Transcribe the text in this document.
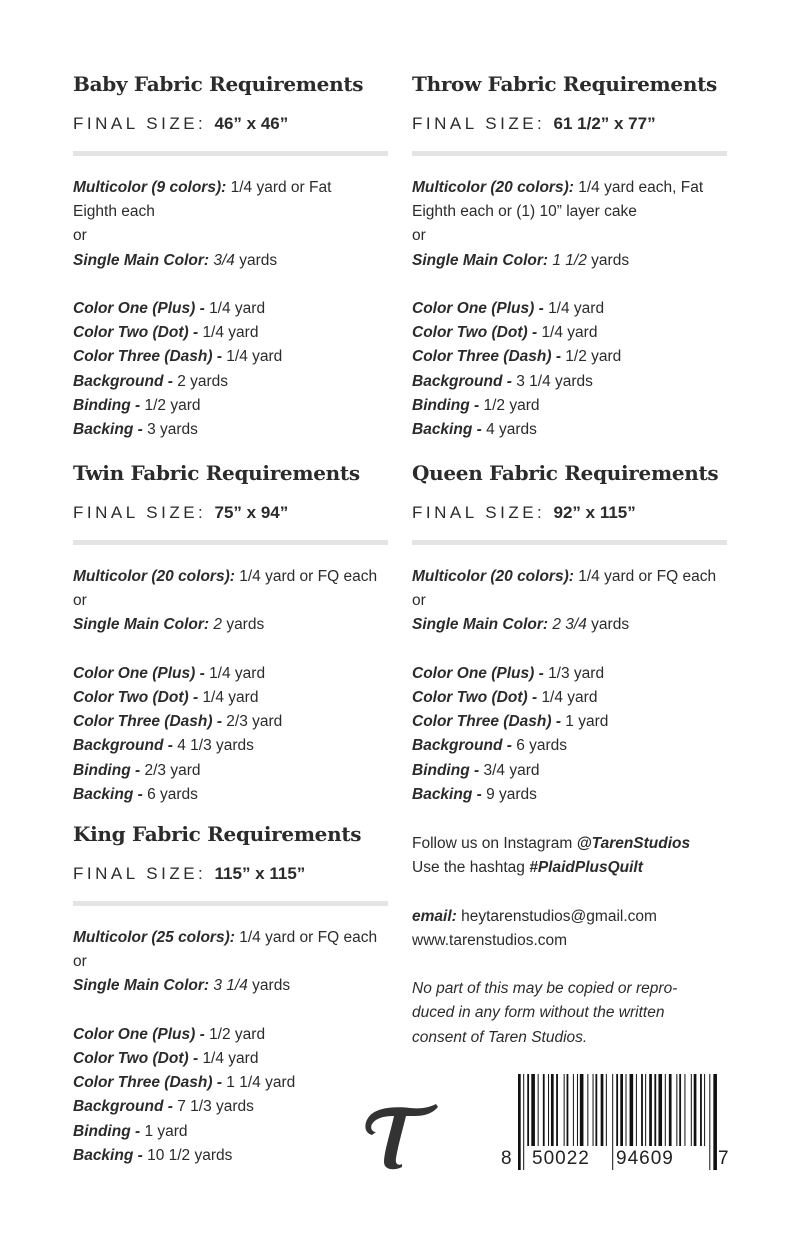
Baby Fabric Requirements
FINAL SIZE: 46” x 46”
Multicolor (9 colors): 1/4 yard or Fat
Eighth each
or
Single Main Color: 3/4 yards
Color One (Plus) - 1/4 yard
Color Two (Dot) - 1/4 yard
Color Three (Dash) - 1/4 yard
Background - 2 yards
Binding - 1/2 yard
Backing - 3 yards
Throw Fabric Requirements
FINAL SIZE: 61 1/2” x 77”
Multicolor (20 colors): 1/4 yard each, Fat
Eighth each or (1) 10” layer cake
or
Single Main Color: 1 1/2 yards
Color One (Plus) - 1/4 yard
Color Two (Dot) - 1/4 yard
Color Three (Dash) - 1/2 yard
Background - 3 1/4 yards
Binding - 1/2 yard
Backing - 4 yards
Twin Fabric Requirements
FINAL SIZE: 75” x 94”
Multicolor (20 colors): 1/4 yard or FQ each
or
Single Main Color: 2 yards
Color One (Plus) - 1/4 yard
Color Two (Dot) - 1/4 yard
Color Three (Dash) - 2/3 yard
Background - 4 1/3 yards
Binding - 2/3 yard
Backing - 6 yards
Queen Fabric Requirements
FINAL SIZE: 92” x 115”
Multicolor (20 colors): 1/4 yard or FQ each
or
Single Main Color: 2 3/4 yards
Color One (Plus) - 1/3 yard
Color Two (Dot) - 1/4 yard
Color Three (Dash) - 1 yard
Background - 6 yards
Binding - 3/4 yard
Backing - 9 yards
King Fabric Requirements
FINAL SIZE: 115” x 115”
Multicolor (25 colors): 1/4 yard or FQ each
or
Single Main Color: 3 1/4 yards
Color One (Plus) - 1/2 yard
Color Two (Dot) - 1/4 yard
Color Three (Dash) - 1 1/4 yard
Background - 7 1/3 yards
Binding - 1 yard
Backing - 10 1/2 yards
Follow us on Instagram @TarenStudios
Use the hashtag #PlaidPlusQuilt
email: heytarenstudios@gmail.com
www.tarenstudios.com
No part of this may be copied or repro-
duced in any form without the written
consent of Taren Studios.
8 50022 94609 7
